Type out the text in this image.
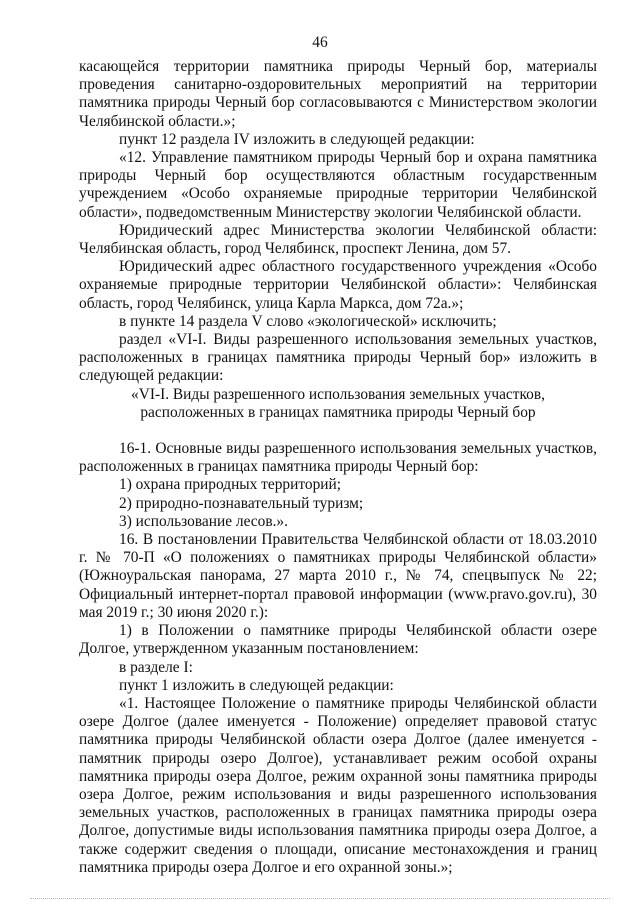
46

касающейся территории памятника природы Черный бор, материалы проведения санитарно-оздоровительных мероприятий на территории памятника природы Черный бор согласовываются с Министерством экологии Челябинской области.»;

пункт 12 раздела IV изложить в следующей редакции:

«12. Управление памятником природы Черный бор и охрана памятника природы Черный бор осуществляются областным государственным учреждением «Особо охраняемые природные территории Челябинской области», подведомственным Министерству экологии Челябинской области.

Юридический адрес Министерства экологии Челябинской области: Челябинская область, город Челябинск, проспект Ленина, дом 57.

Юридический адрес областного государственного учреждения «Особо охраняемые природные территории Челябинской области»: Челябинская область, город Челябинск, улица Карла Маркса, дом 72а.»;

в пункте 14 раздела V слово «экологической» исключить;

раздел «VI-I. Виды разрешенного использования земельных участков, расположенных в границах памятника природы Черный бор» изложить в следующей редакции:

«VI-I. Виды разрешенного использования земельных участков, расположенных в границах памятника природы Черный бор

16-1. Основные виды разрешенного использования земельных участков, расположенных в границах памятника природы Черный бор:

1) охрана природных территорий;

2) природно-познавательный туризм;

3) использование лесов.».

16. В постановлении Правительства Челябинской области от 18.03.2010 г. № 70-П «О положениях о памятниках природы Челябинской области» (Южноуральская панорама, 27 марта 2010 г., № 74, спецвыпуск № 22; Официальный интернет-портал правовой информации (www.pravo.gov.ru), 30 мая 2019 г.; 30 июня 2020 г.):

1) в Положении о памятнике природы Челябинской области озере Долгое, утвержденном указанным постановлением:

в разделе I:

пункт 1 изложить в следующей редакции:

«1. Настоящее Положение о памятнике природы Челябинской области озере Долгое (далее именуется - Положение) определяет правовой статус памятника природы Челябинской области озера Долгое (далее именуется - памятник природы озеро Долгое), устанавливает режим особой охраны памятника природы озера Долгое, режим охранной зоны памятника природы озера Долгое, режим использования и виды разрешенного использования земельных участков, расположенных в границах памятника природы озера Долгое, допустимые виды использования памятника природы озера Долгое, а также содержит сведения о площади, описание местонахождения и границ памятника природы озера Долгое и его охранной зоны.»;
